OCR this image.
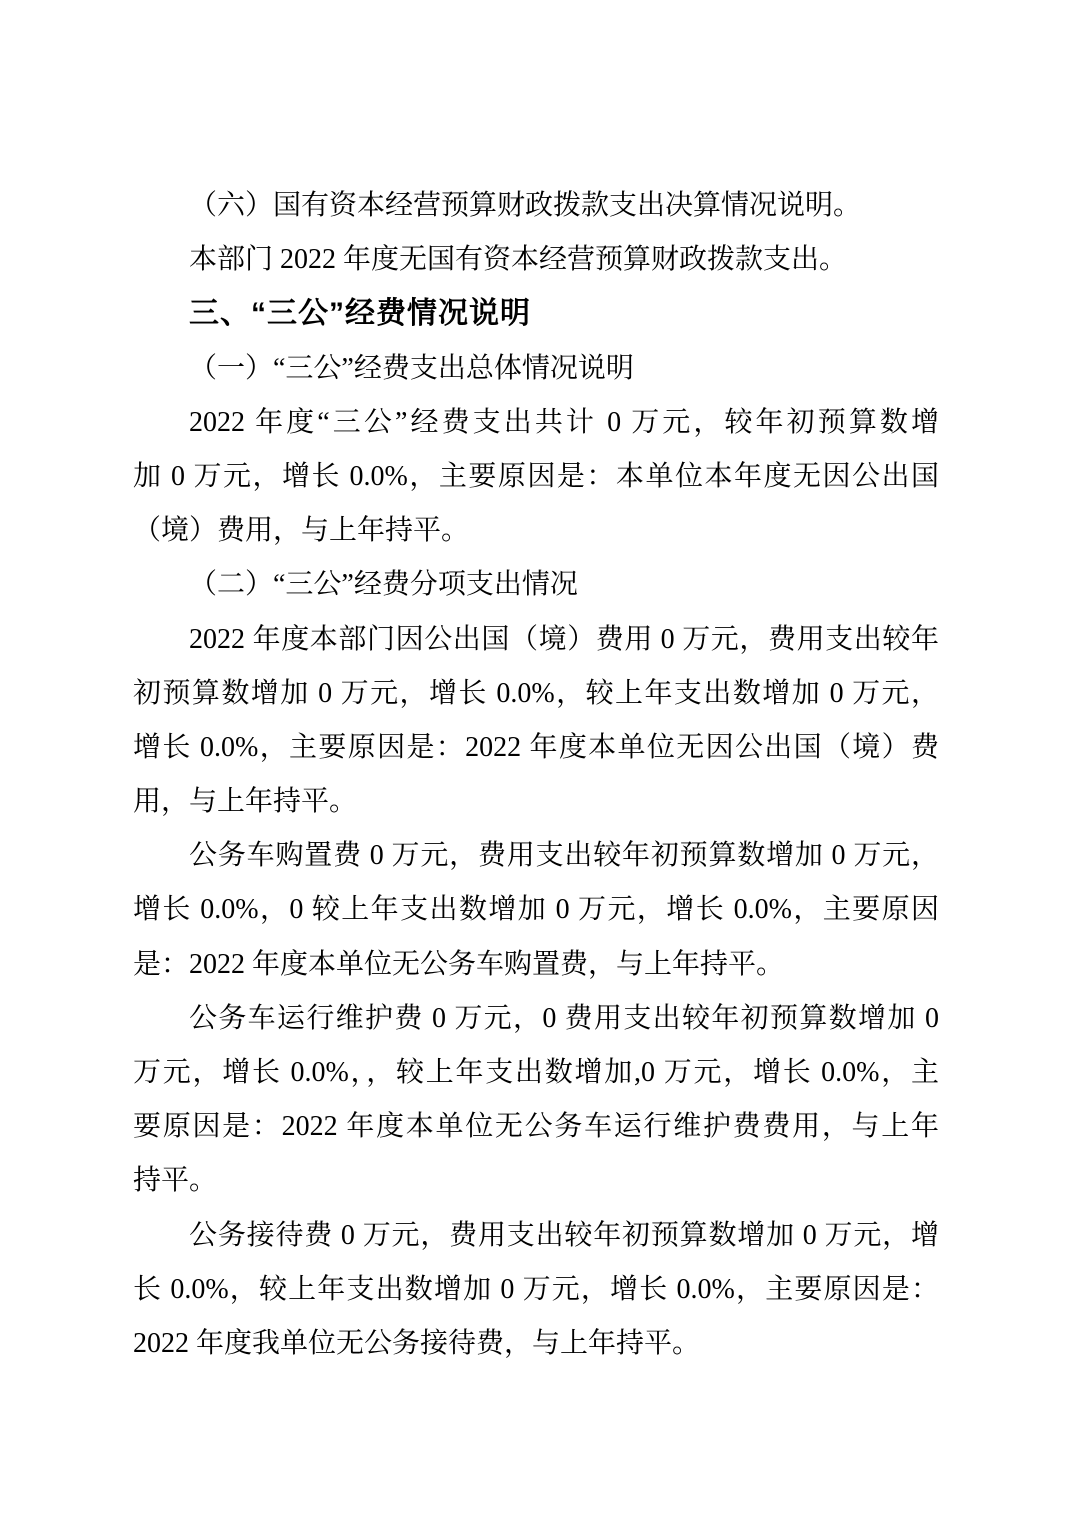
（六）国有资本经营预算财政拨款支出决算情况说明。
本部门 2022 年度无国有资本经营预算财政拨款支出。
三、“三公”经费情况说明
（一）“三公”经费支出总体情况说明
2022 年度“三公”经费支出共计 0 万元，较年初预算数增
加 0 万元，增长 0.0%，主要原因是：本单位本年度无因公出国
（境）费用，与上年持平。
（二）“三公”经费分项支出情况
2022 年度本部门因公出国（境）费用 0 万元，费用支出较年
初预算数增加 0 万元，增长 0.0%，较上年支出数增加 0 万元，
增长 0.0%，主要原因是：2022 年度本单位无因公出国（境）费
用，与上年持平。
公务车购置费 0 万元，费用支出较年初预算数增加 0 万元，
增长 0.0%，0 较上年支出数增加 0 万元，增长 0.0%，主要原因
是：2022 年度本单位无公务车购置费，与上年持平。
公务车运行维护费 0 万元，0 费用支出较年初预算数增加 0
万元，增长 0.0%，，较上年支出数增加,0 万元，增长 0.0%，主
要原因是：2022 年度本单位无公务车运行维护费费用，与上年
持平。
公务接待费 0 万元，费用支出较年初预算数增加 0 万元，增
长 0.0%，较上年支出数增加 0 万元，增长 0.0%，主要原因是：
2022 年度我单位无公务接待费，与上年持平。
